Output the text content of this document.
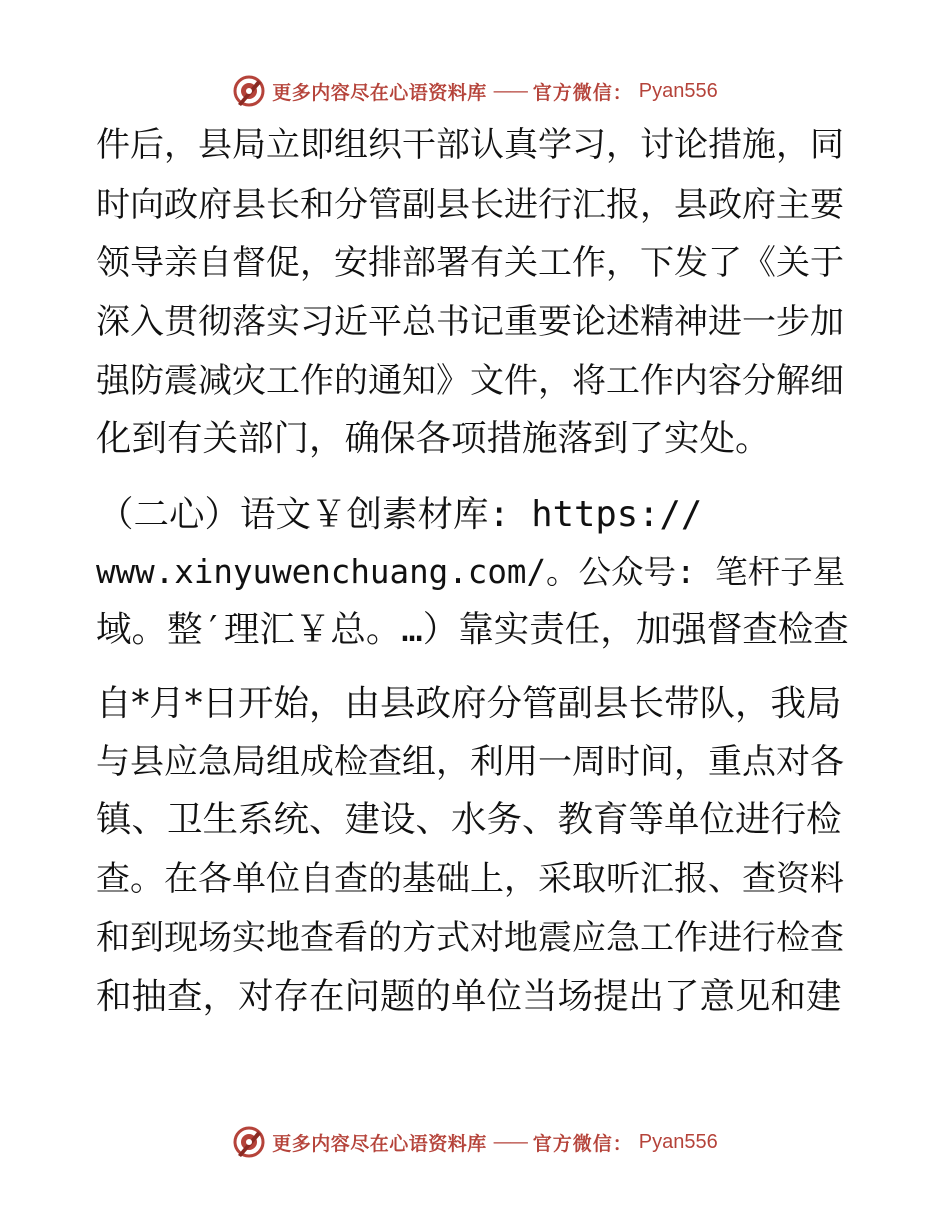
更多内容尽在心语资料库 —— 官方微信： Pyan556
件后，县局立即组织干部认真学习，讨论措施，同
时向政府县长和分管副县长进行汇报，县政府主要
领导亲自督促，安排部署有关工作，下发了《关于
深入贯彻落实习近平总书记重要论述精神进一步加
强防震减灾工作的通知》文件，将工作内容分解细
化到有关部门，确保各项措施落到了实处。
（二心）语文￥创素材库: https://
www.xinyuwenchuang.com/。公众号: 笔杆子星
域。整′理汇￥总。…）靠实责任，加强督查检查
自*月*日开始，由县政府分管副县长带队，我局
与县应急局组成检查组，利用一周时间，重点对各
镇、卫生系统、建设、水务、教育等单位进行检
查。在各单位自查的基础上，采取听汇报、查资料
和到现场实地查看的方式对地震应急工作进行检查
和抽查，对存在问题的单位当场提出了意见和建
更多内容尽在心语资料库 —— 官方微信： Pyan556
